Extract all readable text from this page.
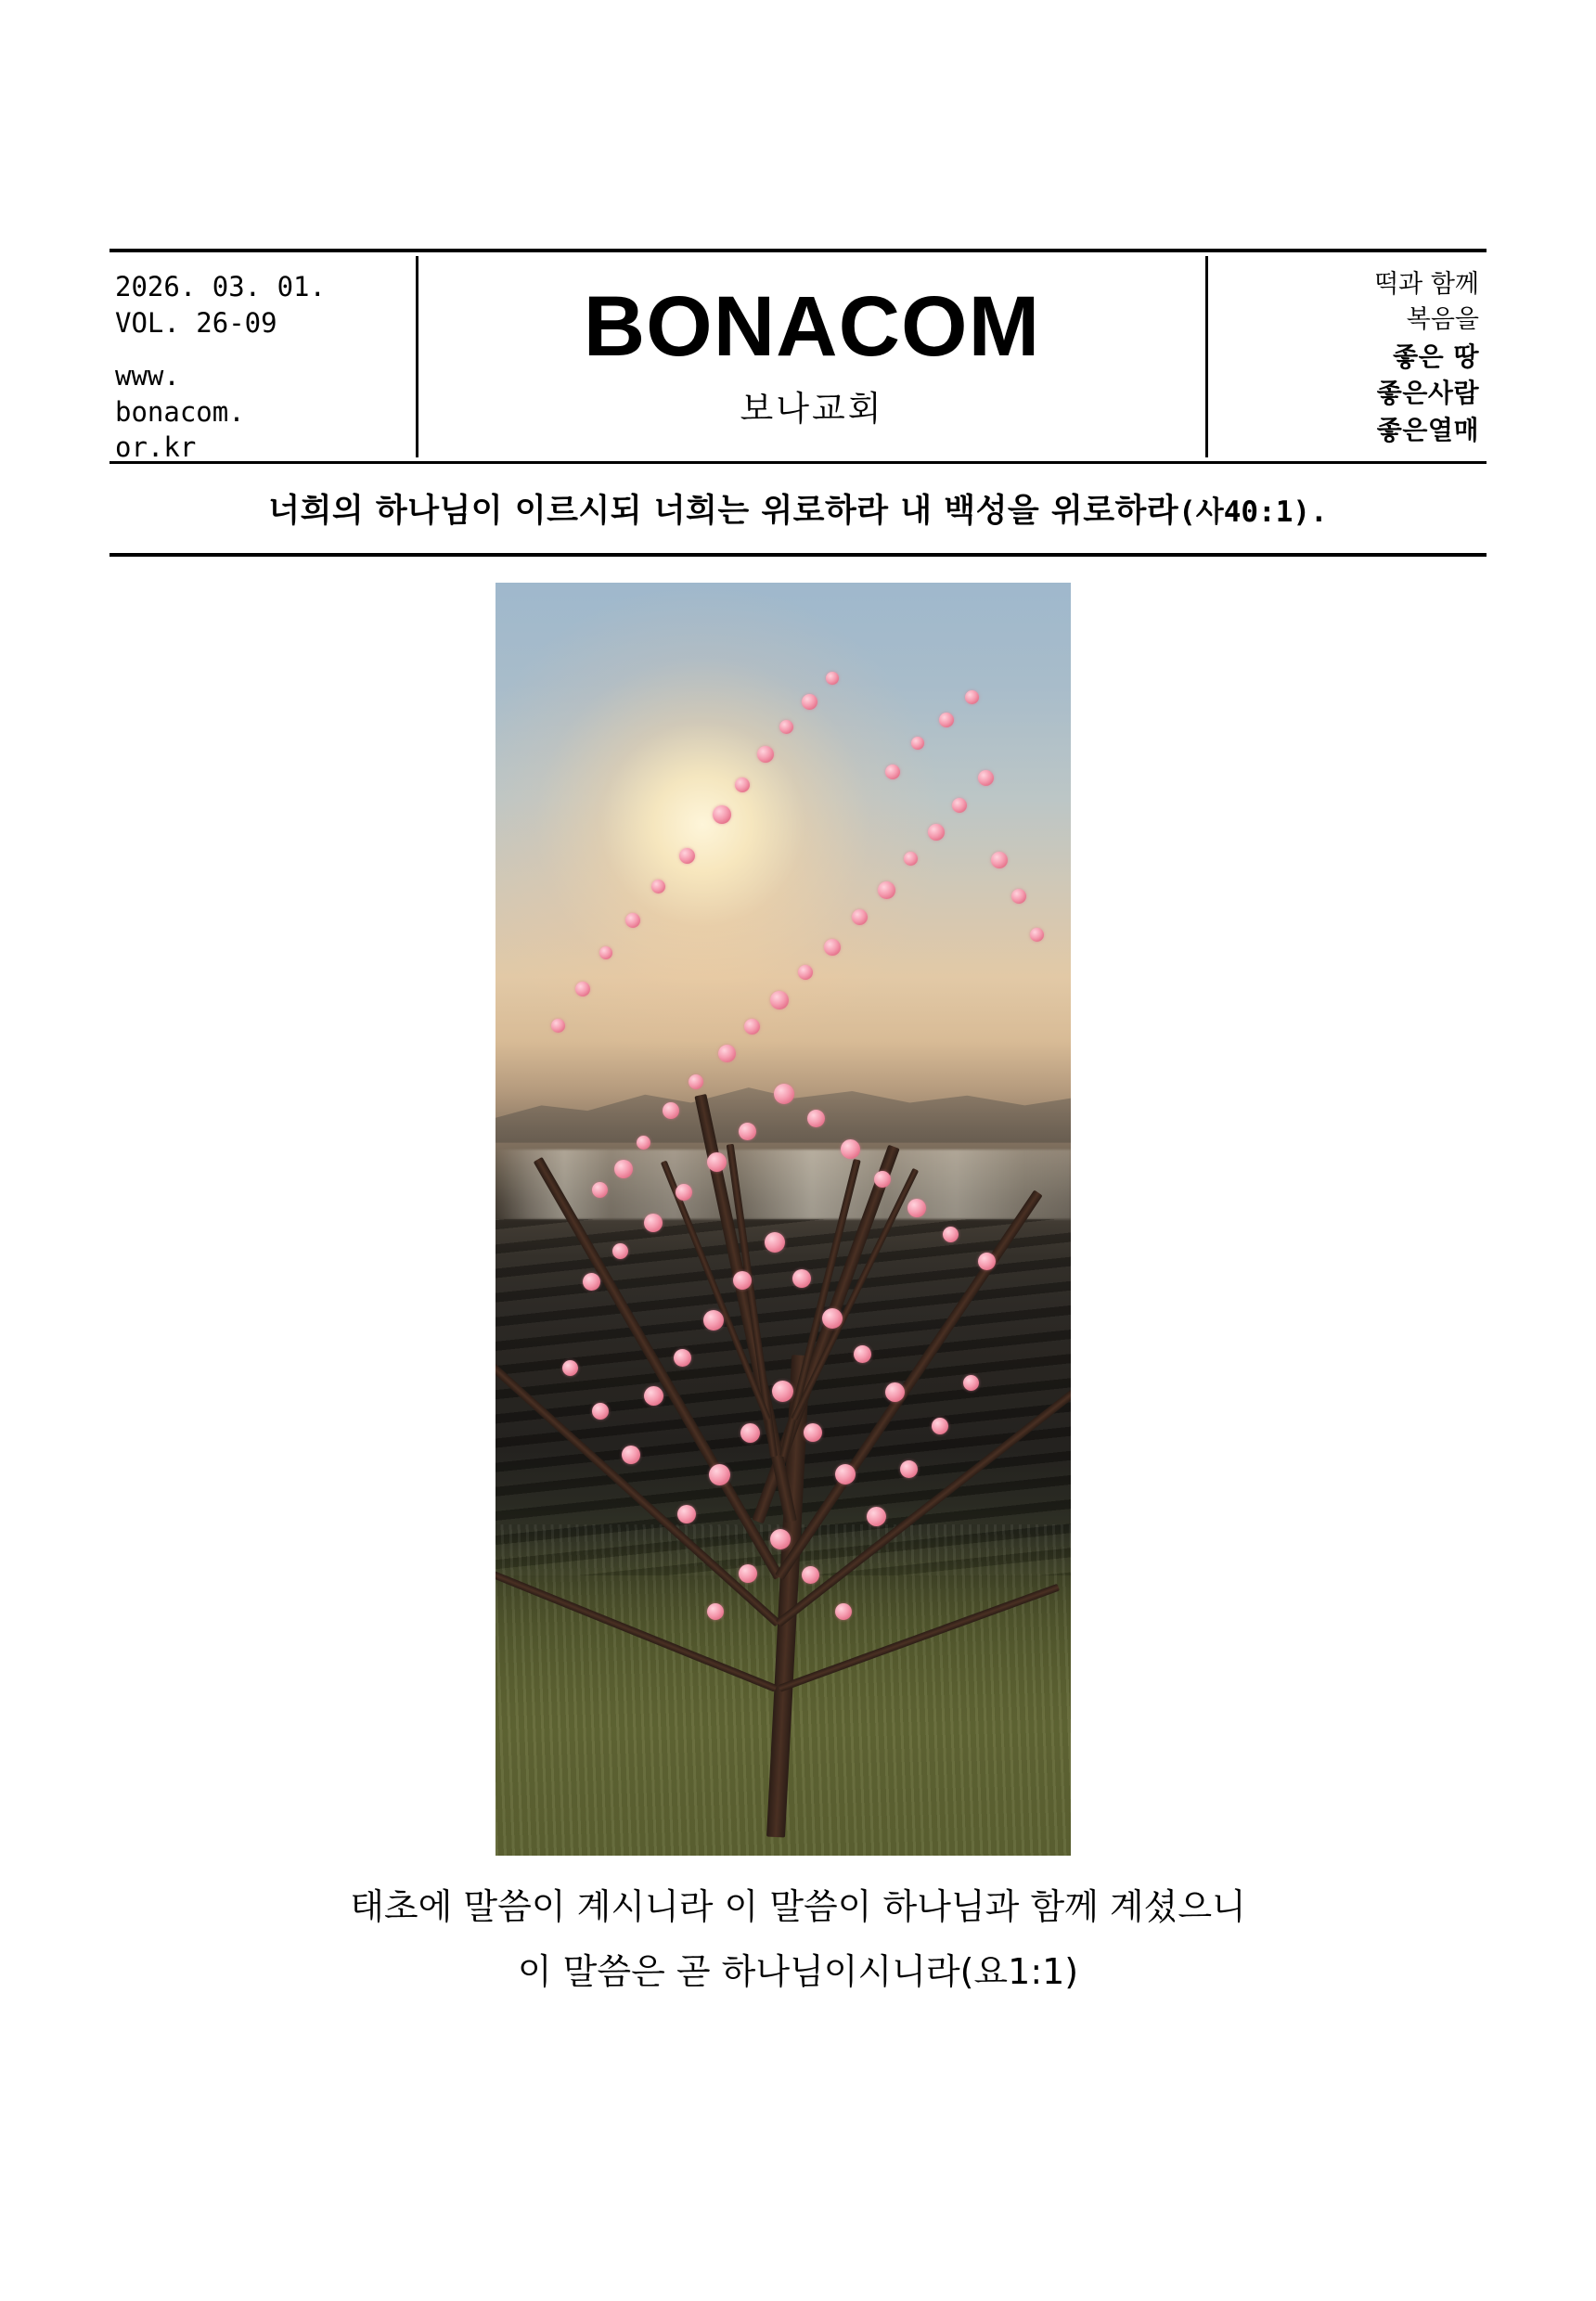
2026. 03. 01.
VOL. 26-09
www.
bonacom.
or.kr
BONACOM
보나교회
떡과 함께
복음을
좋은 땅
좋은사람
좋은열매
너희의 하나님이 이르시되 너희는 위로하라 내 백성을 위로하라 (사40:1).
태초에 말씀이 계시니라 이 말씀이 하나님과 함께 계셨으니
이 말씀은 곧 하나님이시니라(요1:1)
